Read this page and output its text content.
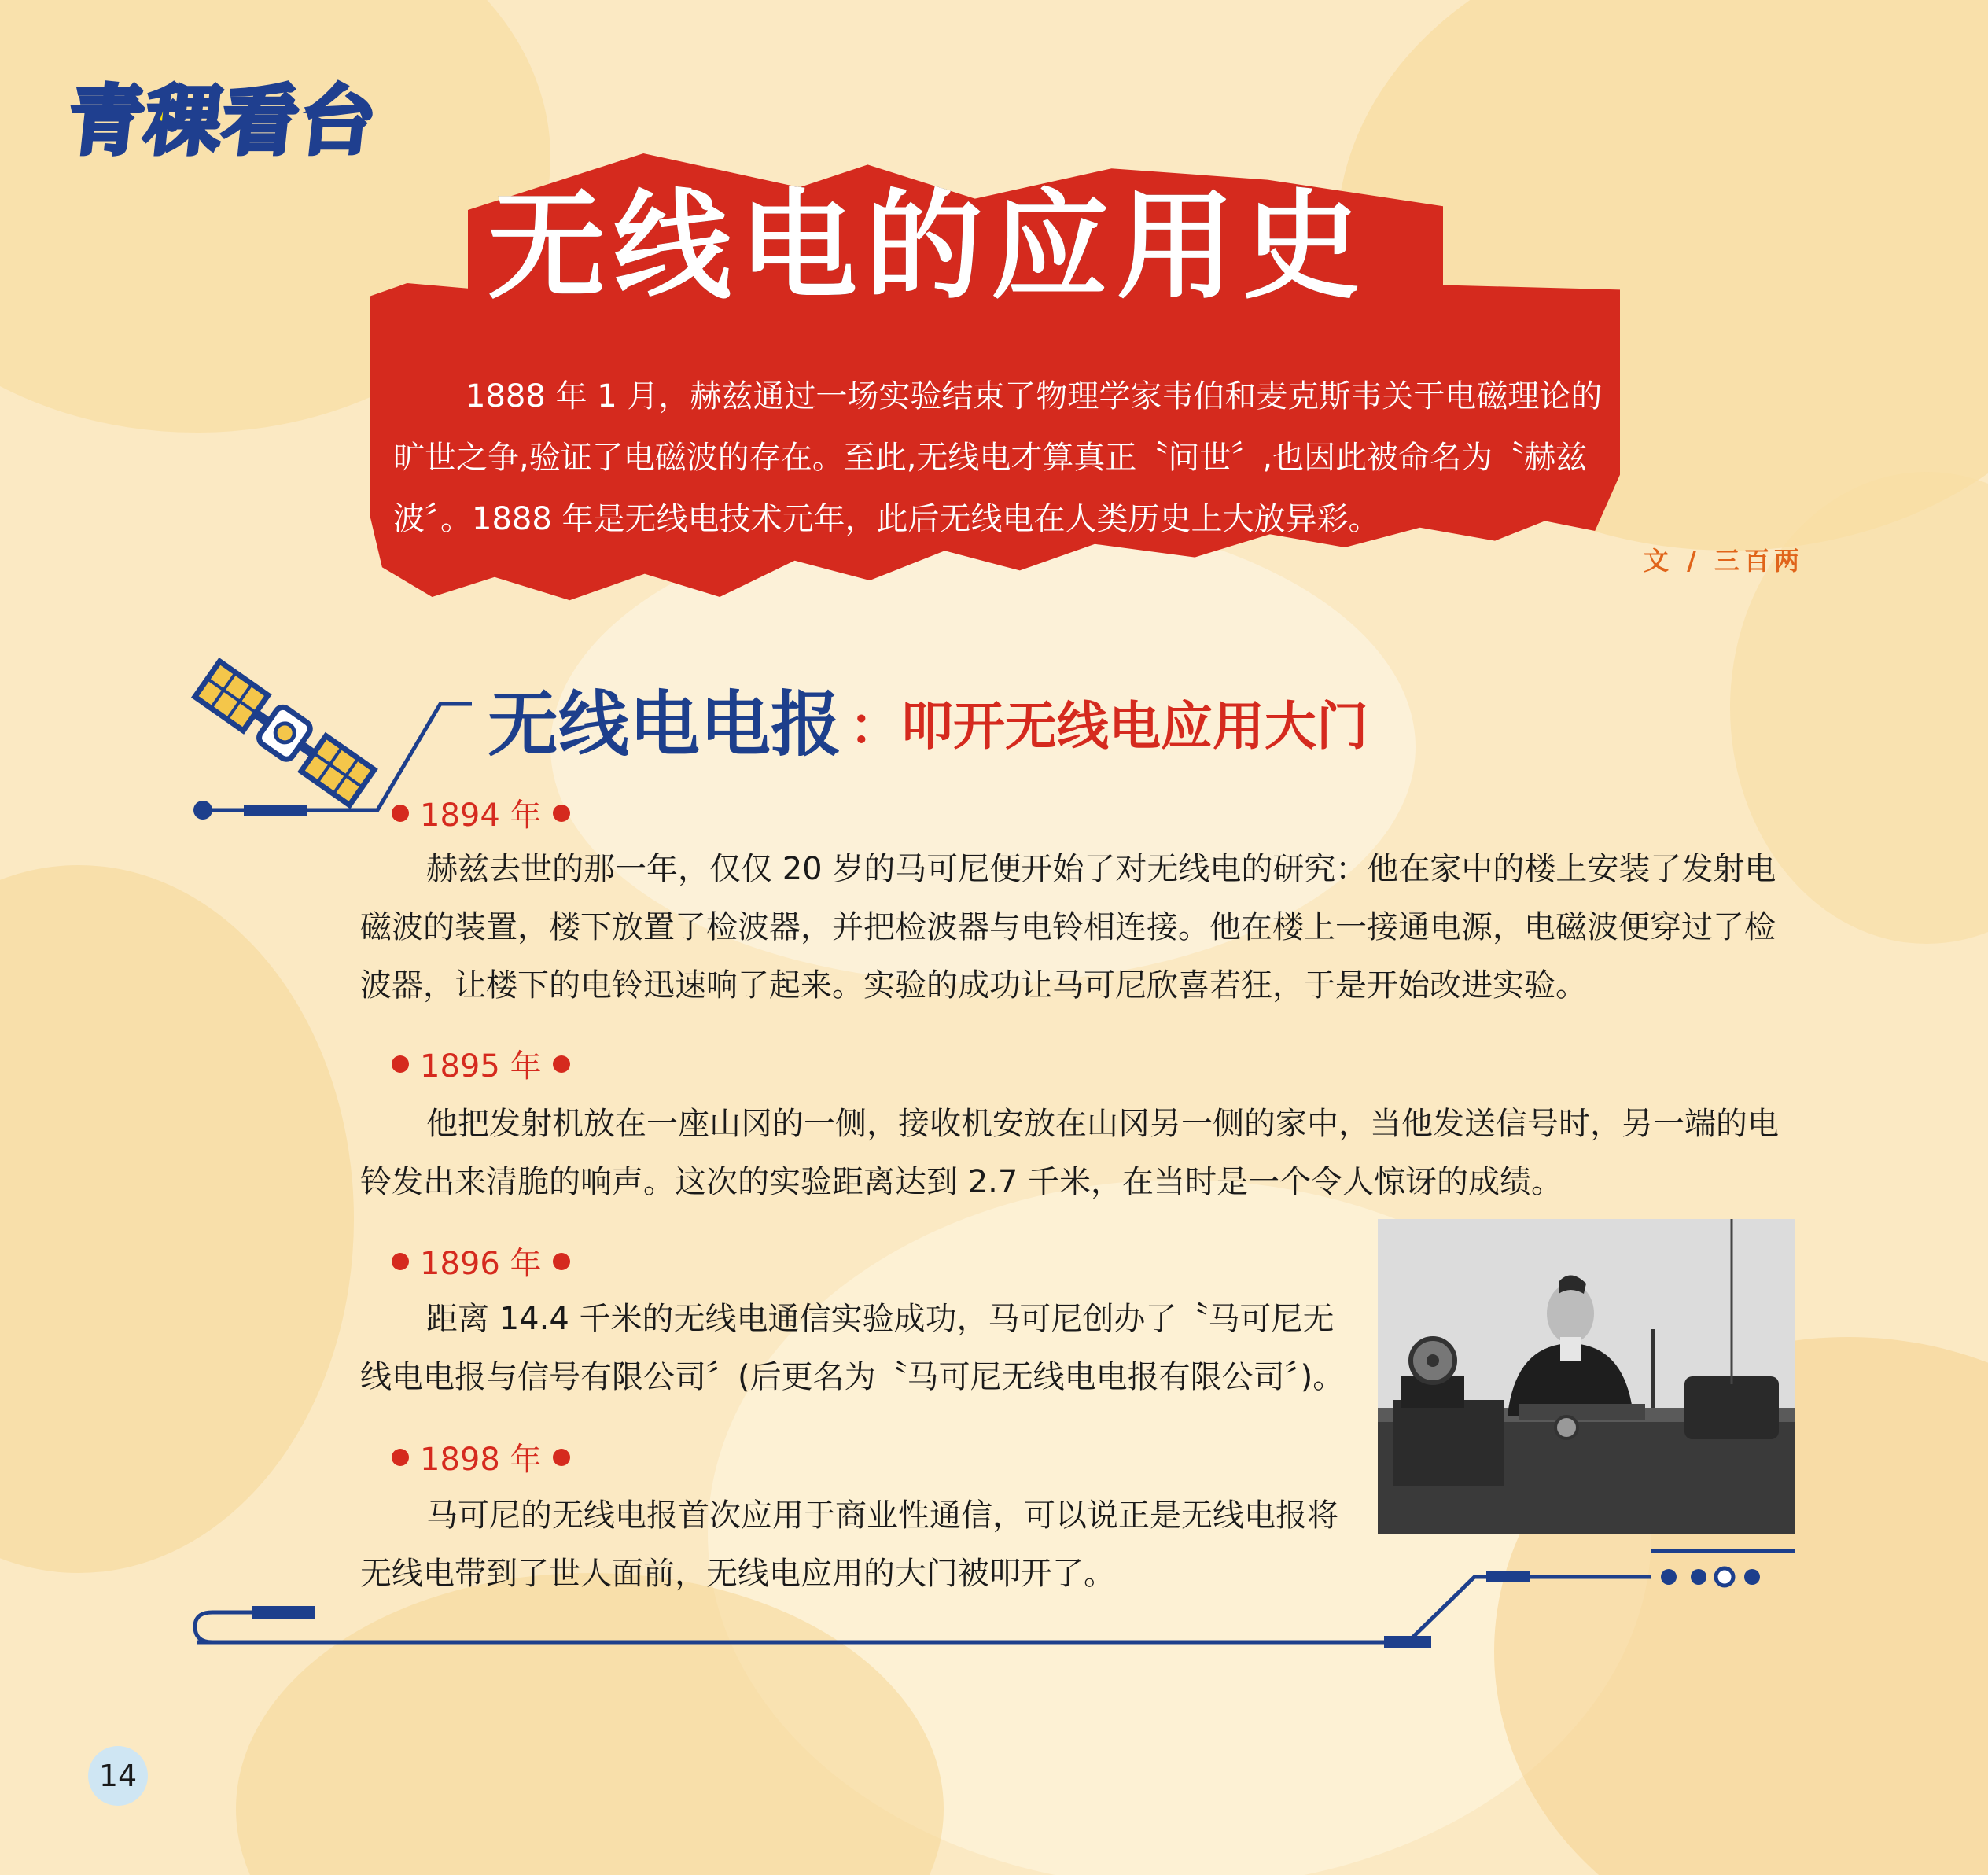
青稞看台
无线电的应用史
1888 年 1 月，赫兹通过一场实验结束了物理学家韦伯和麦克斯韦关于电磁理论的旷世之争,验证了电磁波的存在。至此,无线电才算真正〝问世〞,也因此被命名为〝赫兹波〞。1888 年是无线电技术元年，此后无线电在人类历史上大放异彩。
文 / 三百两
无线电电报 ：叩开无线电应用大门
1894 年
赫兹去世的那一年，仅仅 20 岁的马可尼便开始了对无线电的研究：他在家中的楼上安装了发射电磁波的装置，楼下放置了检波器，并把检波器与电铃相连接。他在楼上一接通电源，电磁波便穿过了检波器，让楼下的电铃迅速响了起来。实验的成功让马可尼欣喜若狂，于是开始改进实验。
1895 年
他把发射机放在一座山冈的一侧，接收机安放在山冈另一侧的家中，当他发送信号时，另一端的电铃发出来清脆的响声。这次的实验距离达到 2.7 千米，在当时是一个令人惊讶的成绩。
1896 年
距离 14.4 千米的无线电通信实验成功，马可尼创办了〝马可尼无线电电报与信号有限公司〞(后更名为〝马可尼无线电电报有限公司〞)。
1898 年
马可尼的无线电报首次应用于商业性通信，可以说正是无线电报将无线电带到了世人面前，无线电应用的大门被叩开了。
14
